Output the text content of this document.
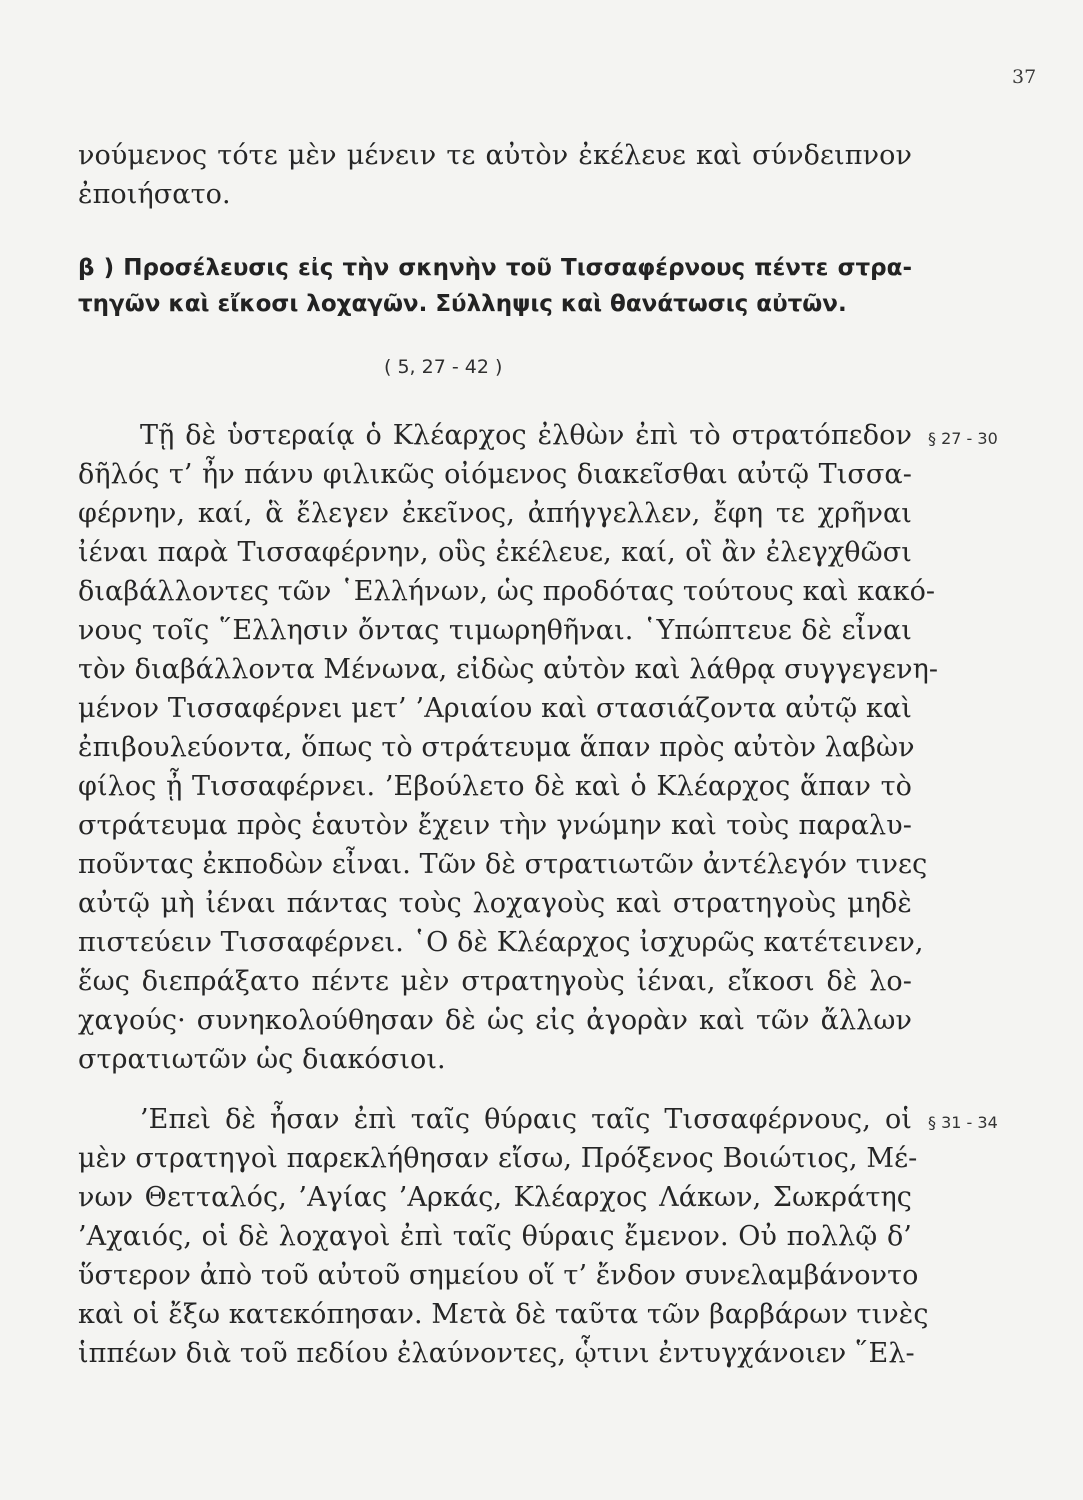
37
νούμενος τότε μὲν μένειν τε αὐτὸν ἐκέλευε καὶ σύνδειπνον
ἐποιήσατο.
β ) Προσέλευσις εἰς τὴν σκηνὴν τοῦ Τισσαφέρνους πέντε στρα-
τηγῶν καὶ εἴκοσι λοχαγῶν. Σύλληψις καὶ θανάτωσις αὐτῶν.
( 5, 27 - 42 )
Τῇ δὲ ὑστεραίᾳ ὁ Κλέαρχος ἐλθὼν ἐπὶ τὸ στρατόπεδον § 27 - 30
δῆλός τ’ ἦν πάνυ φιλικῶς οἰόμενος διακεῖσθαι αὐτῷ Τισσα-
φέρνην, καί, ἃ ἔλεγεν ἐκεῖνος, ἀπήγγελλεν, ἔφη τε χρῆναι
ἰέναι παρὰ Τισσαφέρνην, οὓς ἐκέλευε, καί, οἳ ἂν ἐλεγχθῶσι
διαβάλλοντες τῶν ῾Ελλήνων, ὡς προδότας τούτους καὶ κακό-
νους τοῖς ῞Ελλησιν ὄντας τιμωρηθῆναι. ῾Υπώπτευε δὲ εἶναι
τὸν διαβάλλοντα Μένωνα, εἰδὼς αὐτὸν καὶ λάθρᾳ συγγεγενη-
μένον Τισσαφέρνει μετ’ ’Αριαίου καὶ στασιάζοντα αὐτῷ καὶ
ἐπιβουλεύοντα, ὅπως τὸ στράτευμα ἅπαν πρὸς αὐτὸν λαβὼν
φίλος ᾖ Τισσαφέρνει. ’Εβούλετο δὲ καὶ ὁ Κλέαρχος ἅπαν τὸ
στράτευμα πρὸς ἑαυτὸν ἔχειν τὴν γνώμην καὶ τοὺς παραλυ-
ποῦντας ἐκποδὼν εἶναι. Τῶν δὲ στρατιωτῶν ἀντέλεγόν τινες
αὐτῷ μὴ ἰέναι πάντας τοὺς λοχαγοὺς καὶ στρατηγοὺς μηδὲ
πιστεύειν Τισσαφέρνει. ῾Ο δὲ Κλέαρχος ἰσχυρῶς κατέτεινεν,
ἕως διεπράξατο πέντε μὲν στρατηγοὺς ἰέναι, εἴκοσι δὲ λο-
χαγούς· συνηκολούθησαν δὲ ὡς εἰς ἀγορὰν καὶ τῶν ἄλλων
στρατιωτῶν ὡς διακόσιοι.
’Επεὶ δὲ ἦσαν ἐπὶ ταῖς θύραις ταῖς Τισσαφέρνους, οἱ § 31 - 34
μὲν στρατηγοὶ παρεκλήθησαν εἴσω, Πρόξενος Βοιώτιος, Μέ-
νων Θετταλός, ’Αγίας ’Αρκάς, Κλέαρχος Λάκων, Σωκράτης
’Αχαιός, οἱ δὲ λοχαγοὶ ἐπὶ ταῖς θύραις ἔμενον. Οὐ πολλῷ δ’
ὕστερον ἀπὸ τοῦ αὐτοῦ σημείου οἵ τ’ ἔνδον συνελαμβάνοντο
καὶ οἱ ἔξω κατεκόπησαν. Μετὰ δὲ ταῦτα τῶν βαρβάρων τινὲς
ἱππέων διὰ τοῦ πεδίου ἐλαύνοντες, ᾧτινι ἐντυγχάνοιεν ῞Ελ-
